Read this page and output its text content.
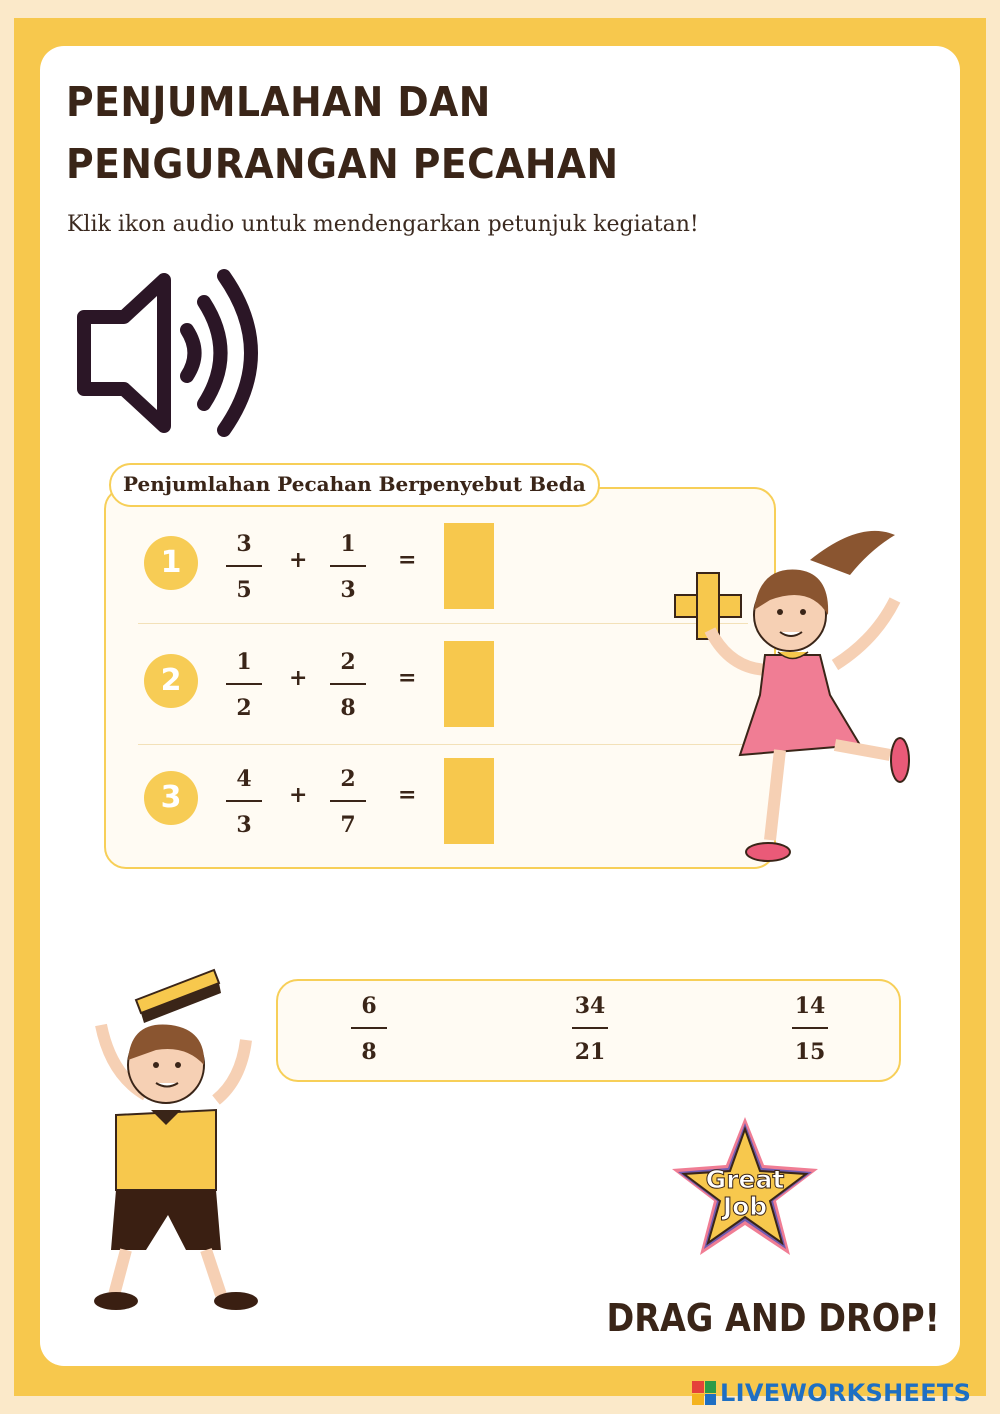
PENJUMLAHAN DAN
PENGURANGAN PECAHAN

Klik ikon audio untuk mendengarkan petunjuk kegiatan!

1
3
5
+
1
3
=
2
1
2
+
2
8
=
3
4
3
+
2
7
=
Penjumlahan Pecahan Berpenyebut Beda
6
8
34
21
14
15
Great
Job
DRAG AND DROP!
LIVEWORKSHEETS
